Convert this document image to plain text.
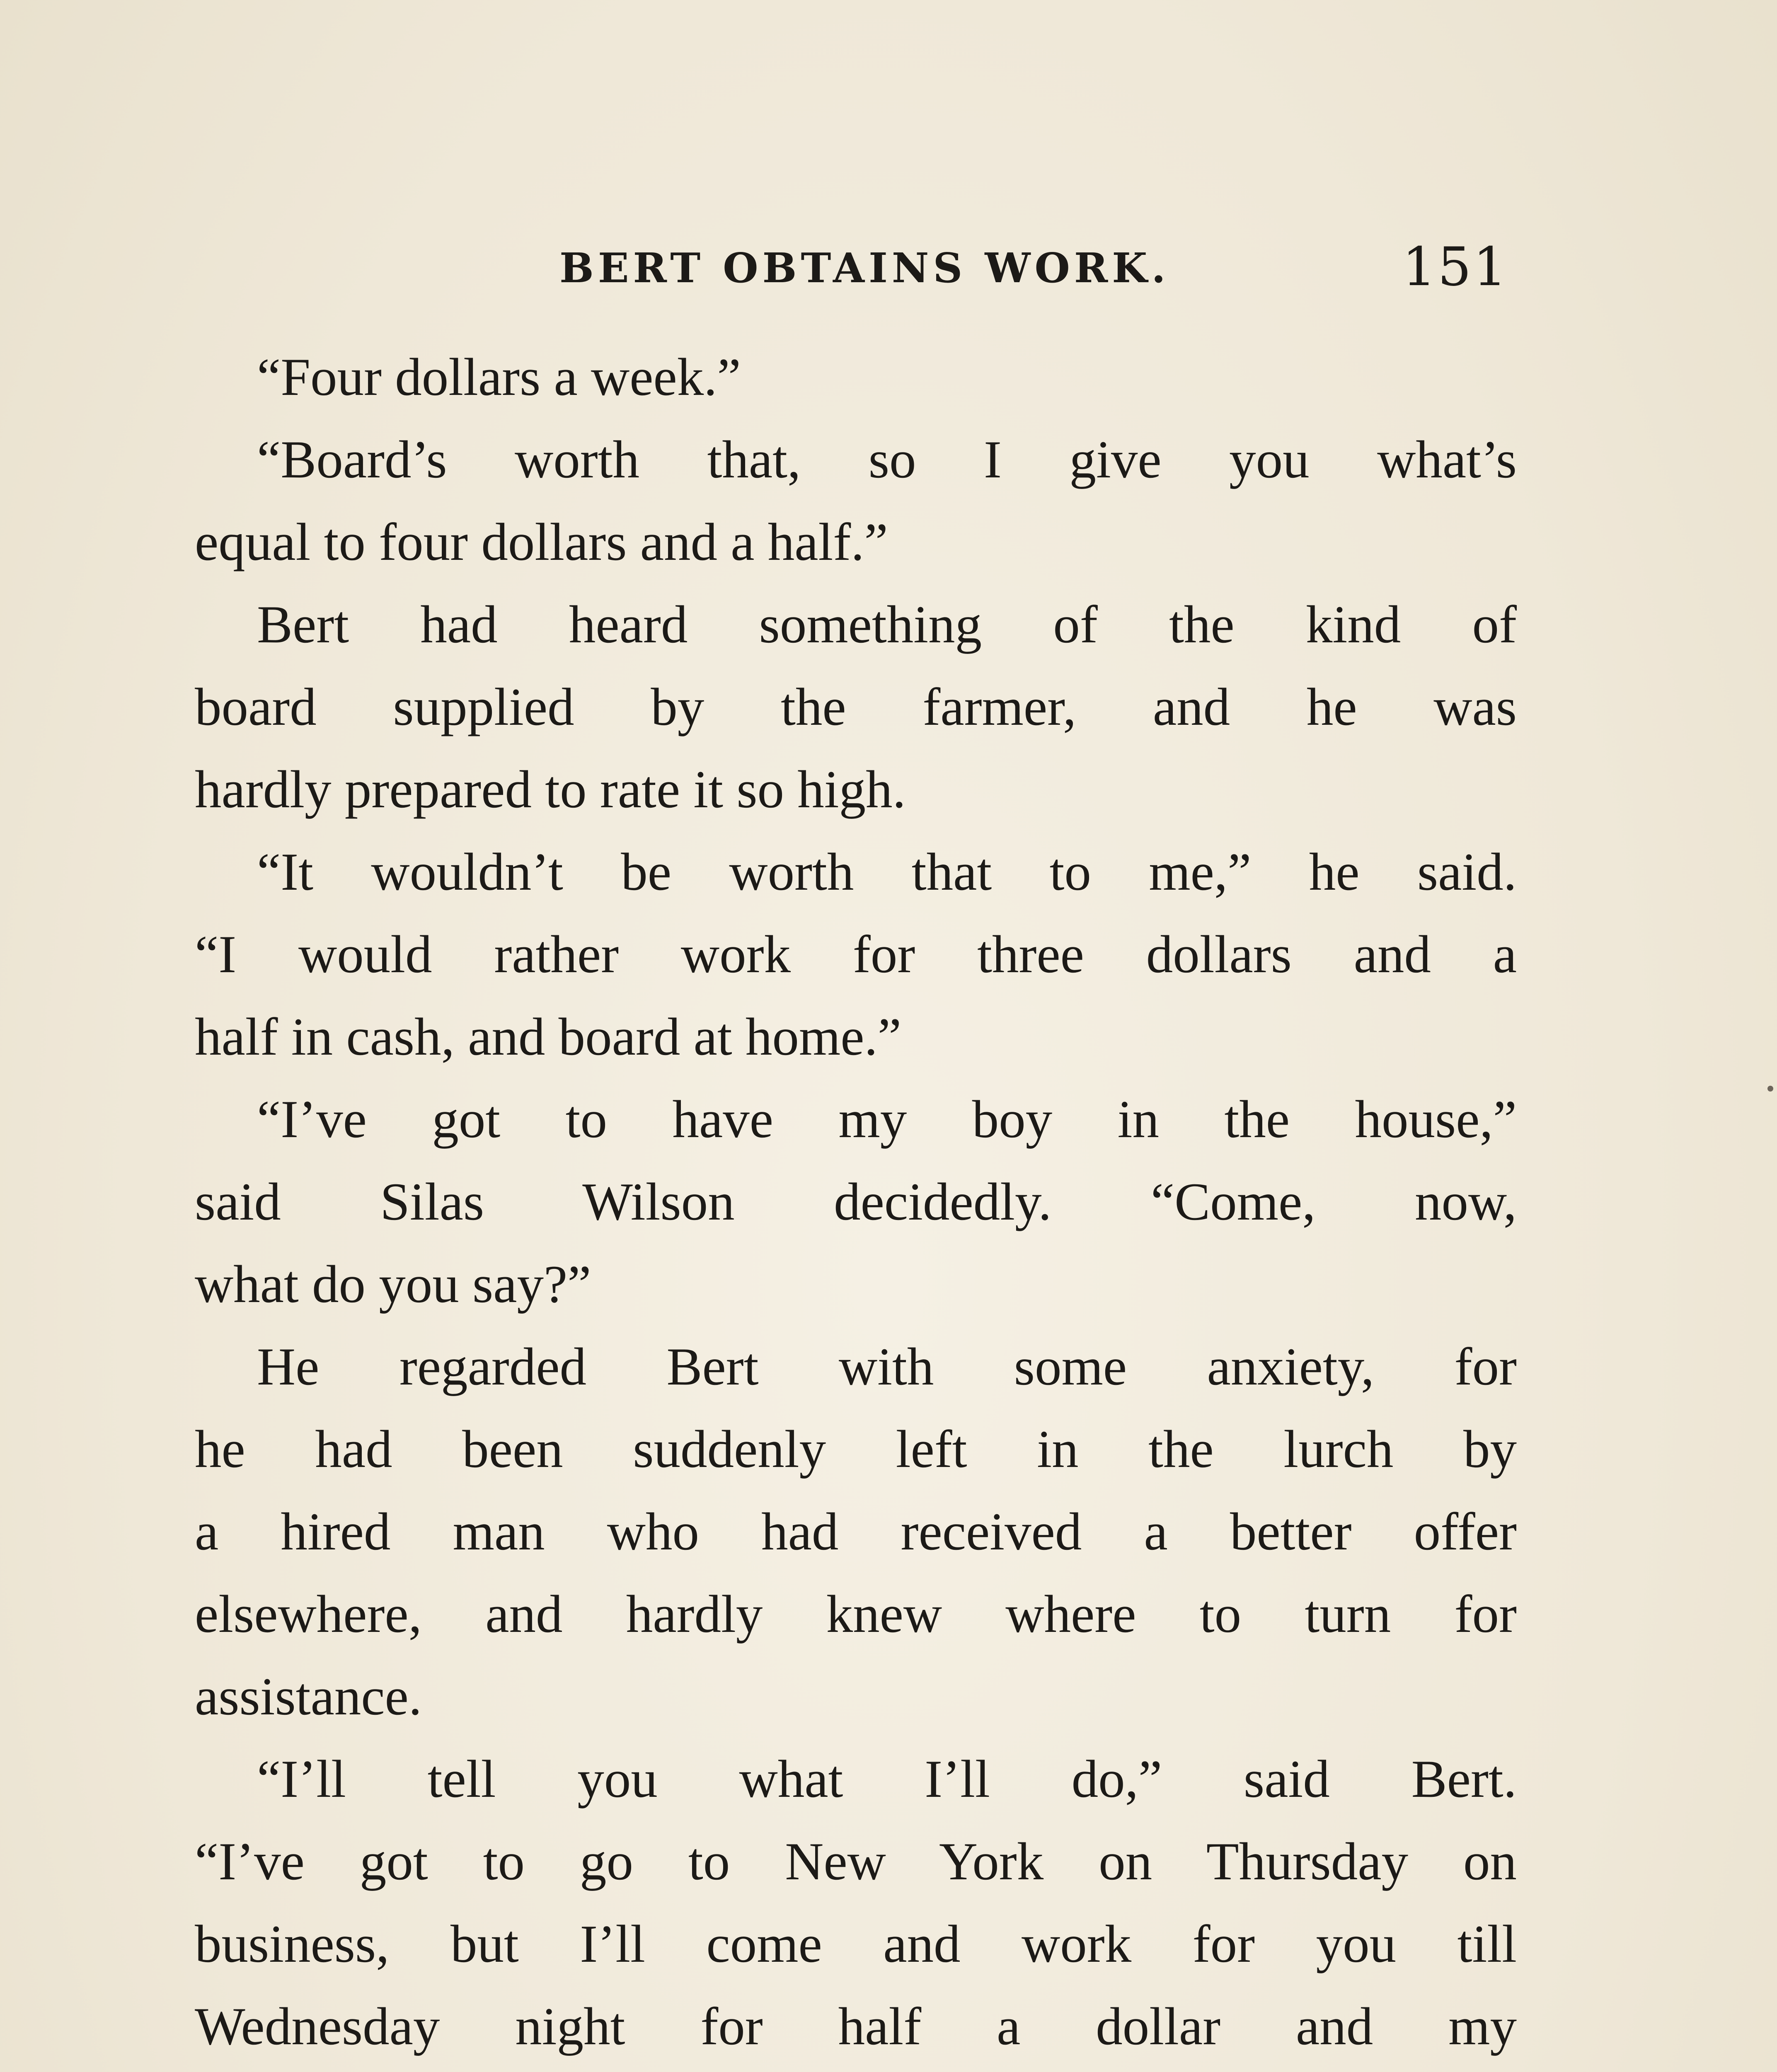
BERT OBTAINS WORK.	151
“Four dollars a week.”
“Board’s worth that, so I give you what’s
equal to four dollars and a half.”
Bert had heard something of the kind of
board supplied by the farmer, and he was
hardly prepared to rate it so high.
“It wouldn’t be worth that to me,” he said.
“I would rather work for three dollars and a
half in cash, and board at home.”
“I’ve got to have my boy in the house,”
said Silas Wilson decidedly. “Come, now,
what do you say?”
He regarded Bert with some anxiety, for
he had been suddenly left in the lurch by
a hired man who had received a better offer
elsewhere, and hardly knew where to turn for
assistance.
“I’ll tell you what I’ll do,” said Bert.
“I’ve got to go to New York on Thursday on
business, but I’ll come and work for you till
Wednesday night for half a dollar and my
